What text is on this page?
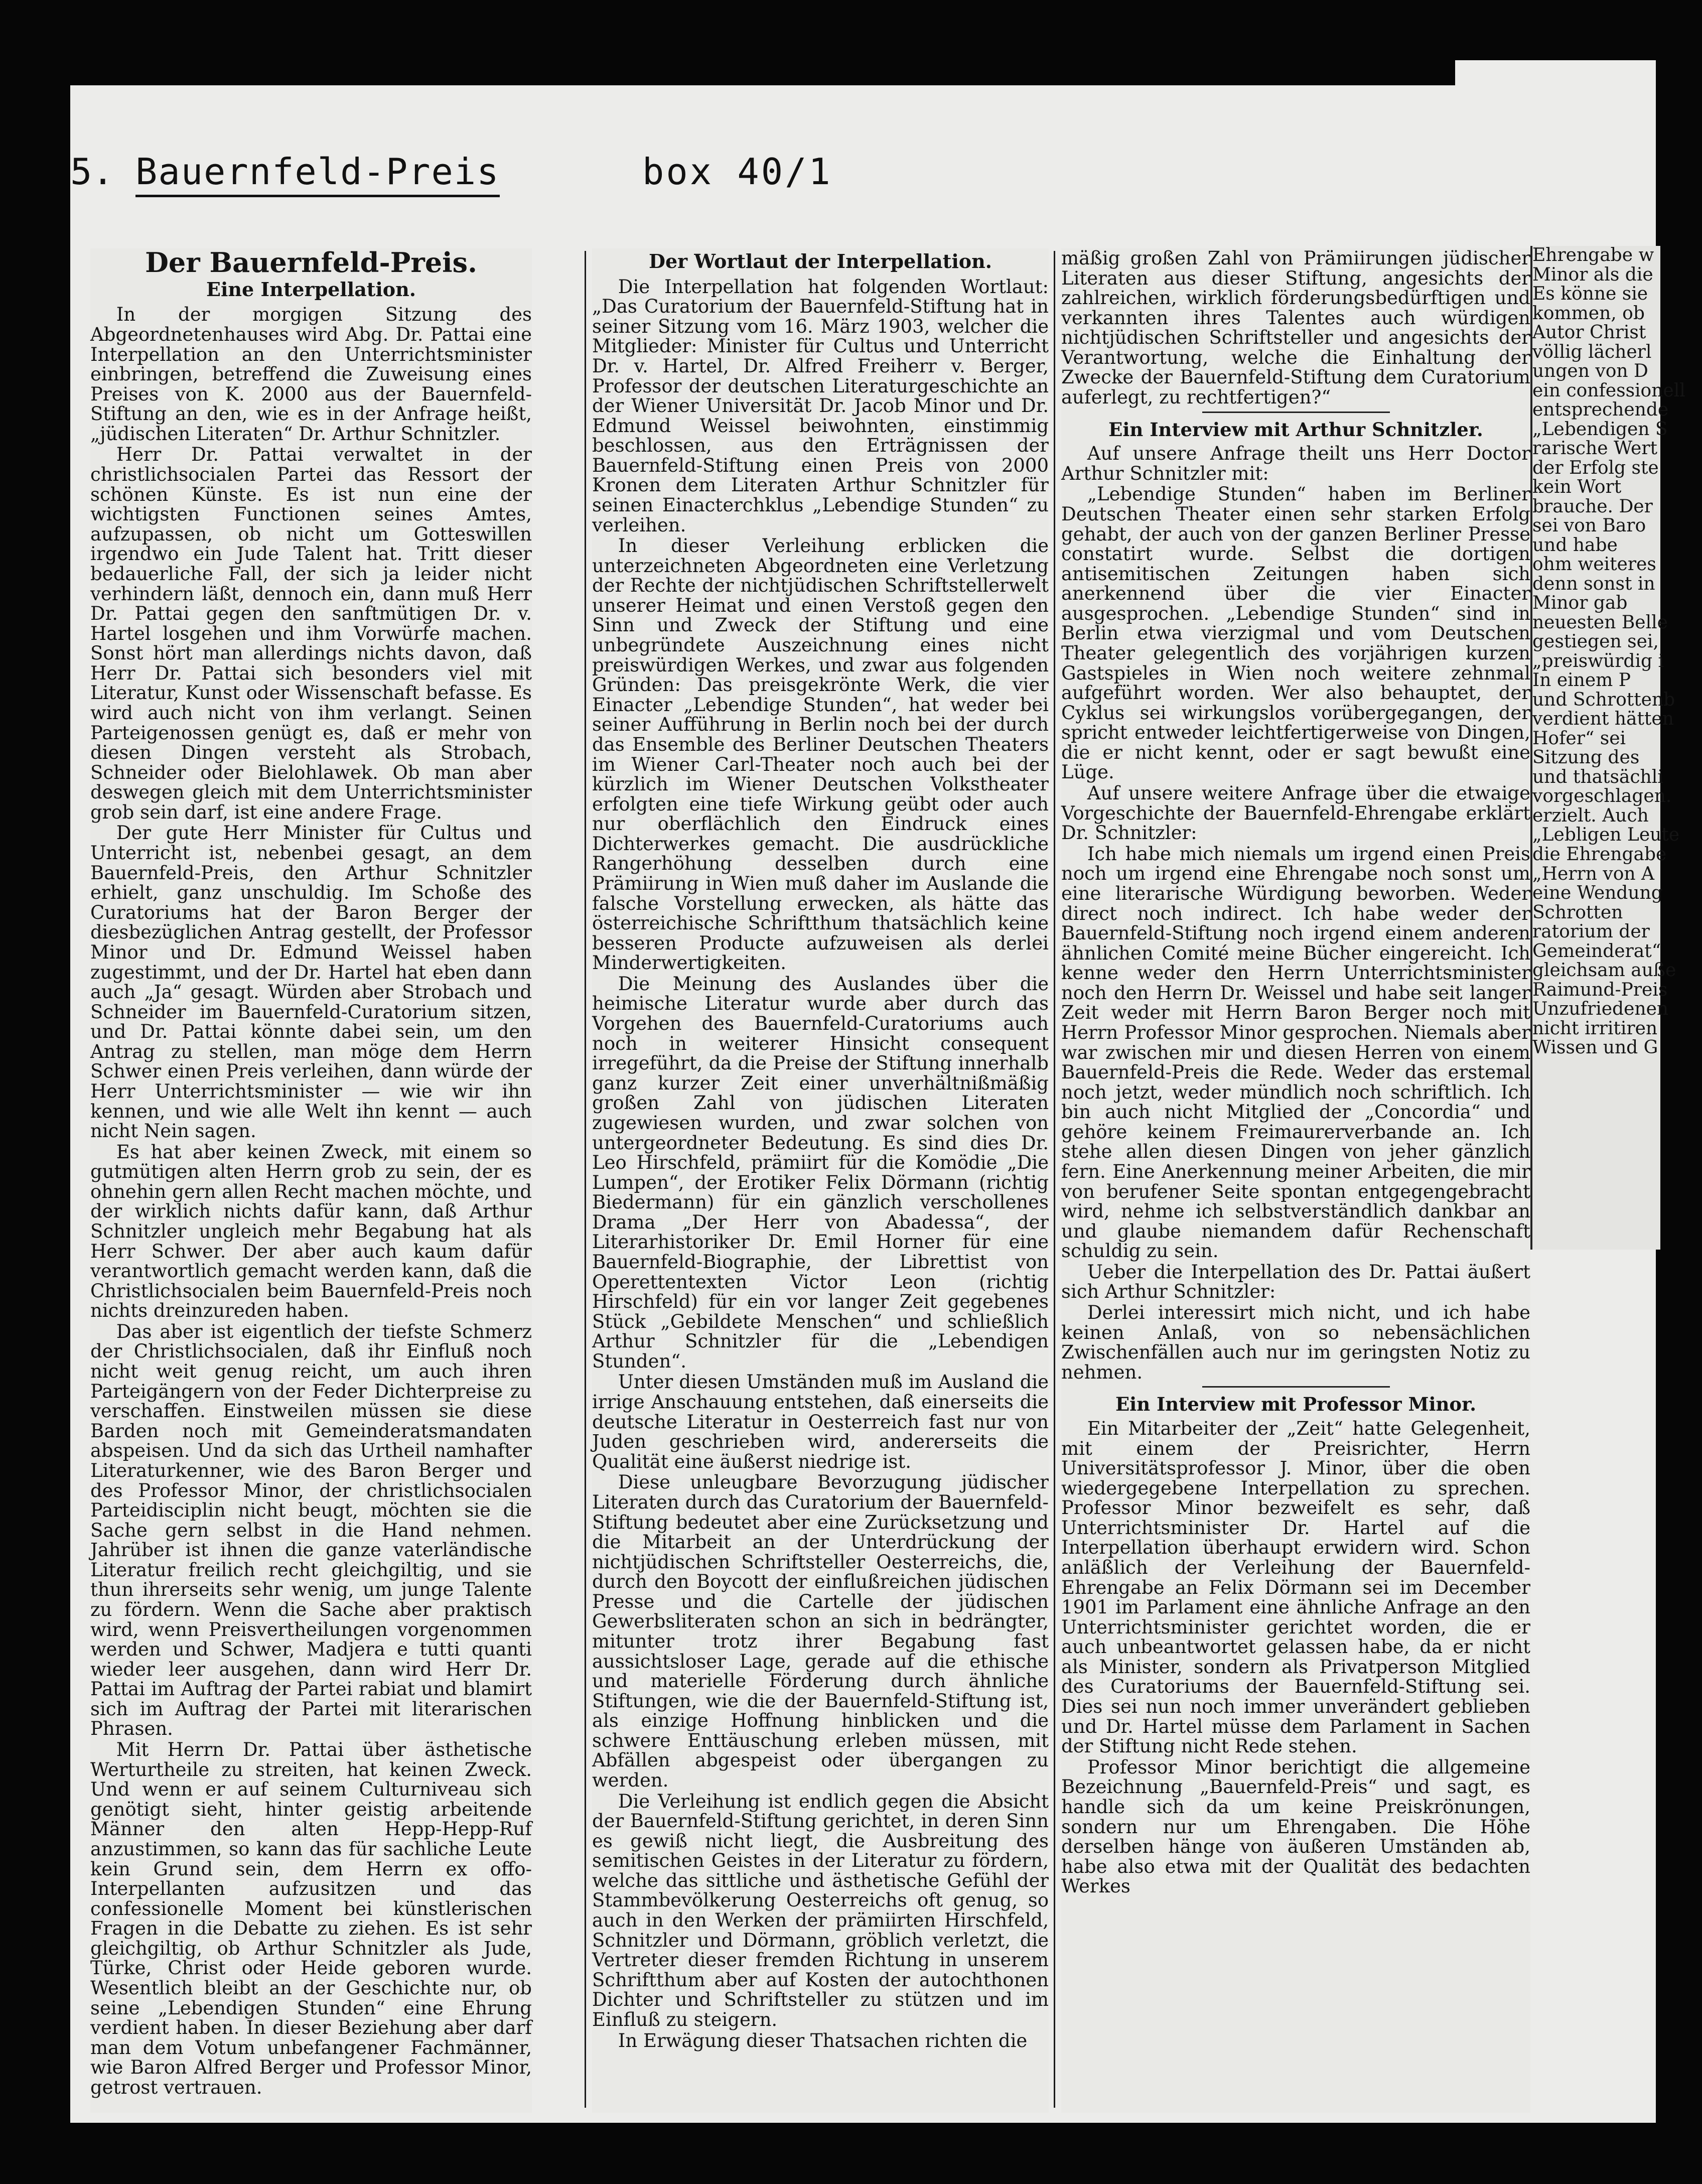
5. Bauernfeld-Preis	box 40/1
Der Bauernfeld-Preis.
Eine Interpellation.

In der morgigen Sitzung des Abgeordnetenhauses wird Abg. Dr. Pattai eine Interpellation an den Unterrichtsminister einbringen, betreffend die Zuweisung eines Preises von K. 2000 aus der Bauernfeld-Stiftung an den, wie es in der Anfrage heißt, „jüdischen Literaten“ Dr. Arthur Schnitzler.

Herr Dr. Pattai verwaltet in der christlichsocialen Partei das Ressort der schönen Künste. Es ist nun eine der wichtigsten Functionen seines Amtes, aufzupassen, ob nicht um Gotteswillen irgendwo ein Jude Talent hat. Tritt dieser bedauerliche Fall, der sich ja leider nicht verhindern läßt, dennoch ein, dann muß Herr Dr. Pattai gegen den sanftmütigen Dr. v. Hartel losgehen und ihm Vorwürfe machen. Sonst hört man allerdings nichts davon, daß Herr Dr. Pattai sich besonders viel mit Literatur, Kunst oder Wissenschaft befasse. Es wird auch nicht von ihm verlangt. Seinen Parteigenossen genügt es, daß er mehr von diesen Dingen versteht als Strobach, Schneider oder Bielohlawek. Ob man aber deswegen gleich mit dem Unterrichtsminister grob sein darf, ist eine andere Frage.

Der gute Herr Minister für Cultus und Unterricht ist, nebenbei gesagt, an dem Bauernfeld-Preis, den Arthur Schnitzler erhielt, ganz unschuldig. Im Schoße des Curatoriums hat der Baron Berger der diesbezüglichen Antrag gestellt, der Professor Minor und Dr. Edmund Weissel haben zugestimmt, und der Dr. Hartel hat eben dann auch „Ja“ gesagt. Würden aber Strobach und Schneider im Bauernfeld-Curatorium sitzen, und Dr. Pattai könnte dabei sein, um den Antrag zu stellen, man möge dem Herrn Schwer einen Preis verleihen, dann würde der Herr Unterrichtsminister — wie wir ihn kennen, und wie alle Welt ihn kennt — auch nicht Nein sagen.

Es hat aber keinen Zweck, mit einem so gutmütigen alten Herrn grob zu sein, der es ohnehin gern allen Recht machen möchte, und der wirklich nichts dafür kann, daß Arthur Schnitzler ungleich mehr Begabung hat als Herr Schwer. Der aber auch kaum dafür verantwortlich gemacht werden kann, daß die Christlichsocialen beim Bauernfeld-Preis noch nichts dreinzureden haben.

Das aber ist eigentlich der tiefste Schmerz der Christlichsocialen, daß ihr Einfluß noch nicht weit genug reicht, um auch ihren Parteigängern von der Feder Dichterpreise zu verschaffen. Einstweilen müssen sie diese Barden noch mit Gemeinderatsmandaten abspeisen. Und da sich das Urtheil namhafter Literaturkenner, wie des Baron Berger und des Professor Minor, der christlichsocialen Parteidisciplin nicht beugt, möchten sie die Sache gern selbst in die Hand nehmen. Jahrüber ist ihnen die ganze vaterländische Literatur freilich recht gleichgiltig, und sie thun ihrerseits sehr wenig, um junge Talente zu fördern. Wenn die Sache aber praktisch wird, wenn Preisvertheilungen vorgenommen werden und Schwer, Madjera e tutti quanti wieder leer ausgehen, dann wird Herr Dr. Pattai im Auftrag der Partei rabiat und blamirt sich im Auftrag der Partei mit literarischen Phrasen.

Mit Herrn Dr. Pattai über ästhetische Werturtheile zu streiten, hat keinen Zweck. Und wenn er auf seinem Culturniveau sich genötigt sieht, hinter geistig arbeitende Männer den alten Hepp-Hepp-Ruf anzustimmen, so kann das für sachliche Leute kein Grund sein, dem Herrn ex offo-Interpellanten aufzusitzen und das confessionelle Moment bei künstlerischen Fragen in die Debatte zu ziehen. Es ist sehr gleichgiltig, ob Arthur Schnitzler als Jude, Türke, Christ oder Heide geboren wurde. Wesentlich bleibt an der Geschichte nur, ob seine „Lebendigen Stunden“ eine Ehrung verdient haben. In dieser Beziehung aber darf man dem Votum unbefangener Fachmänner, wie Baron Alfred Berger und Professor Minor, getrost vertrauen.

Der Wortlaut der Interpellation.

Die Interpellation hat folgenden Wortlaut: „Das Curatorium der Bauernfeld-Stiftung hat in seiner Sitzung vom 16. März 1903, welcher die Mitglieder: Minister für Cultus und Unterricht Dr. v. Hartel, Dr. Alfred Freiherr v. Berger, Professor der deutschen Literaturgeschichte an der Wiener Universität Dr. Jacob Minor und Dr. Edmund Weissel beiwohnten, einstimmig beschlossen, aus den Erträgnissen der Bauernfeld-Stiftung einen Preis von 2000 Kronen dem Literaten Arthur Schnitzler für seinen Einacterchklus „Lebendige Stunden“ zu verleihen.

In dieser Verleihung erblicken die unterzeichneten Abgeordneten eine Verletzung der Rechte der nichtjüdischen Schriftstellerwelt unserer Heimat und einen Verstoß gegen den Sinn und Zweck der Stiftung und eine unbegründete Auszeichnung eines nicht preiswürdigen Werkes, und zwar aus folgenden Gründen: Das preisgekrönte Werk, die vier Einacter „Lebendige Stunden“, hat weder bei seiner Aufführung in Berlin noch bei der durch das Ensemble des Berliner Deutschen Theaters im Wiener Carl-Theater noch auch bei der kürzlich im Wiener Deutschen Volkstheater erfolgten eine tiefe Wirkung geübt oder auch nur oberflächlich den Eindruck eines Dichterwerkes gemacht. Die ausdrückliche Rangerhöhung desselben durch eine Prämiirung in Wien muß daher im Auslande die falsche Vorstellung erwecken, als hätte das österreichische Schriftthum thatsächlich keine besseren Producte aufzuweisen als derlei Minderwertigkeiten.

Die Meinung des Auslandes über die heimische Literatur wurde aber durch das Vorgehen des Bauernfeld-Curatoriums auch noch in weiterer Hinsicht consequent irregeführt, da die Preise der Stiftung innerhalb ganz kurzer Zeit einer unverhältnißmäßig großen Zahl von jüdischen Literaten zugewiesen wurden, und zwar solchen von untergeordneter Bedeutung. Es sind dies Dr. Leo Hirschfeld, prämiirt für die Komödie „Die Lumpen“, der Erotiker Felix Dörmann (richtig Biedermann) für ein gänzlich verschollenes Drama „Der Herr von Abadessa“, der Literarhistoriker Dr. Emil Horner für eine Bauernfeld-Biographie, der Librettist von Operettentexten Victor Leon (richtig Hirschfeld) für ein vor langer Zeit gegebenes Stück „Gebildete Menschen“ und schließlich Arthur Schnitzler für die „Lebendigen Stunden“.

Unter diesen Umständen muß im Ausland die irrige Anschauung entstehen, daß einerseits die deutsche Literatur in Oesterreich fast nur von Juden geschrieben wird, andererseits die Qualität eine äußerst niedrige ist.

Diese unleugbare Bevorzugung jüdischer Literaten durch das Curatorium der Bauernfeld-Stiftung bedeutet aber eine Zurücksetzung und die Mitarbeit an der Unterdrückung der nichtjüdischen Schriftsteller Oesterreichs, die, durch den Boycott der einflußreichen jüdischen Presse und die Cartelle der jüdischen Gewerbsliteraten schon an sich in bedrängter, mitunter trotz ihrer Begabung fast aussichtsloser Lage, gerade auf die ethische und materielle Förderung durch ähnliche Stiftungen, wie die der Bauernfeld-Stiftung ist, als einzige Hoffnung hinblicken und die schwere Enttäuschung erleben müssen, mit Abfällen abgespeist oder übergangen zu werden.

Die Verleihung ist endlich gegen die Absicht der Bauernfeld-Stiftung gerichtet, in deren Sinn es gewiß nicht liegt, die Ausbreitung des semitischen Geistes in der Literatur zu fördern, welche das sittliche und ästhetische Gefühl der Stammbevölkerung Oesterreichs oft genug, so auch in den Werken der prämiirten Hirschfeld, Schnitzler und Dörmann, gröblich verletzt, die Vertreter dieser fremden Richtung in unserem Schriftthum aber auf Kosten der autochthonen Dichter und Schriftsteller zu stützen und im Einfluß zu steigern.

In Erwägung dieser Thatsachen richten die

mäßig großen Zahl von Prämiirungen jüdischer Literaten aus dieser Stiftung, angesichts der zahlreichen, wirklich förderungsbedürftigen und verkannten ihres Talentes auch würdigen nichtjüdischen Schriftsteller und angesichts der Verantwortung, welche die Einhaltung der Zwecke der Bauernfeld-Stiftung dem Curatorium auferlegt, zu rechtfertigen?“

Ein Interview mit Arthur Schnitzler.

Auf unsere Anfrage theilt uns Herr Doctor Arthur Schnitzler mit:

„Lebendige Stunden“ haben im Berliner Deutschen Theater einen sehr starken Erfolg gehabt, der auch von der ganzen Berliner Presse constatirt wurde. Selbst die dortigen antisemitischen Zeitungen haben sich anerkennend über die vier Einacter ausgesprochen. „Lebendige Stunden“ sind in Berlin etwa vierzigmal und vom Deutschen Theater gelegentlich des vorjährigen kurzen Gastspieles in Wien noch weitere zehnmal aufgeführt worden. Wer also behauptet, der Cyklus sei wirkungslos vorübergegangen, der spricht entweder leichtfertigerweise von Dingen, die er nicht kennt, oder er sagt bewußt eine Lüge.

Auf unsere weitere Anfrage über die etwaige Vorgeschichte der Bauernfeld-Ehrengabe erklärt Dr. Schnitzler:

Ich habe mich niemals um irgend einen Preis noch um irgend eine Ehrengabe noch sonst um eine literarische Würdigung beworben. Weder direct noch indirect. Ich habe weder der Bauernfeld-Stiftung noch irgend einem anderen ähnlichen Comité meine Bücher eingereicht. Ich kenne weder den Herrn Unterrichtsminister noch den Herrn Dr. Weissel und habe seit langer Zeit weder mit Herrn Baron Berger noch mit Herrn Professor Minor gesprochen. Niemals aber war zwischen mir und diesen Herren von einem Bauernfeld-Preis die Rede. Weder das erstemal noch jetzt, weder mündlich noch schriftlich. Ich bin auch nicht Mitglied der „Concordia“ und gehöre keinem Freimaurerverbande an. Ich stehe allen diesen Dingen von jeher gänzlich fern. Eine Anerkennung meiner Arbeiten, die mir von berufener Seite spontan entgegengebracht wird, nehme ich selbstverständlich dankbar an und glaube niemandem dafür Rechenschaft schuldig zu sein.

Ueber die Interpellation des Dr. Pattai äußert sich Arthur Schnitzler:

Derlei interessirt mich nicht, und ich habe keinen Anlaß, von so nebensächlichen Zwischenfällen auch nur im geringsten Notiz zu nehmen.

Ein Interview mit Professor Minor.

Ein Mitarbeiter der „Zeit“ hatte Gelegenheit, mit einem der Preisrichter, Herrn Universitätsprofessor J. Minor, über die oben wiedergegebene Interpellation zu sprechen. Professor Minor bezweifelt es sehr, daß Unterrichtsminister Dr. Hartel auf die Interpellation überhaupt erwidern wird. Schon anläßlich der Verleihung der Bauernfeld-Ehrengabe an Felix Dörmann sei im December 1901 im Parlament eine ähnliche Anfrage an den Unterrichtsminister gerichtet worden, die er auch unbeantwortet gelassen habe, da er nicht als Minister, sondern als Privatperson Mitglied des Curatoriums der Bauernfeld-Stiftung sei. Dies sei nun noch immer unverändert geblieben und Dr. Hartel müsse dem Parlament in Sachen der Stiftung nicht Rede stehen.

Professor Minor berichtigt die allgemeine Bezeichnung „Bauernfeld-Preis“ und sagt, es handle sich da um keine Preiskrönungen, sondern nur um Ehrengaben. Die Höhe derselben hänge von äußeren Umständen ab, habe also etwa mit der Qualität des bedachten Werkes

Ehrengabe w
Minor als die
Es könne sie
kommen, ob
Autor Christ
völlig lächerl
ungen von D
ein confessionell
entsprechende
„Lebendigen S
rarische Wert
der Erfolg ste
kein Wort
brauche. Der
sei von Baro
und habe
ohm weiteres
denn sonst in
Minor gab
neuesten Belle
gestiegen sei,
„preiswürdig i
In einem P
und Schrottenb
verdient hätten
Hofer“ sei
Sitzung des
und thatsächli
vorgeschlagen.
erzielt. Auch
„Lebligen Leute
die Ehrengabe
„Herrn von A
eine Wendung
Schrotten
ratorium der
Gemeinderat“
gleichsam auße
Raimund-Preis
Unzufriedenen
nicht irritiren
Wissen und G
